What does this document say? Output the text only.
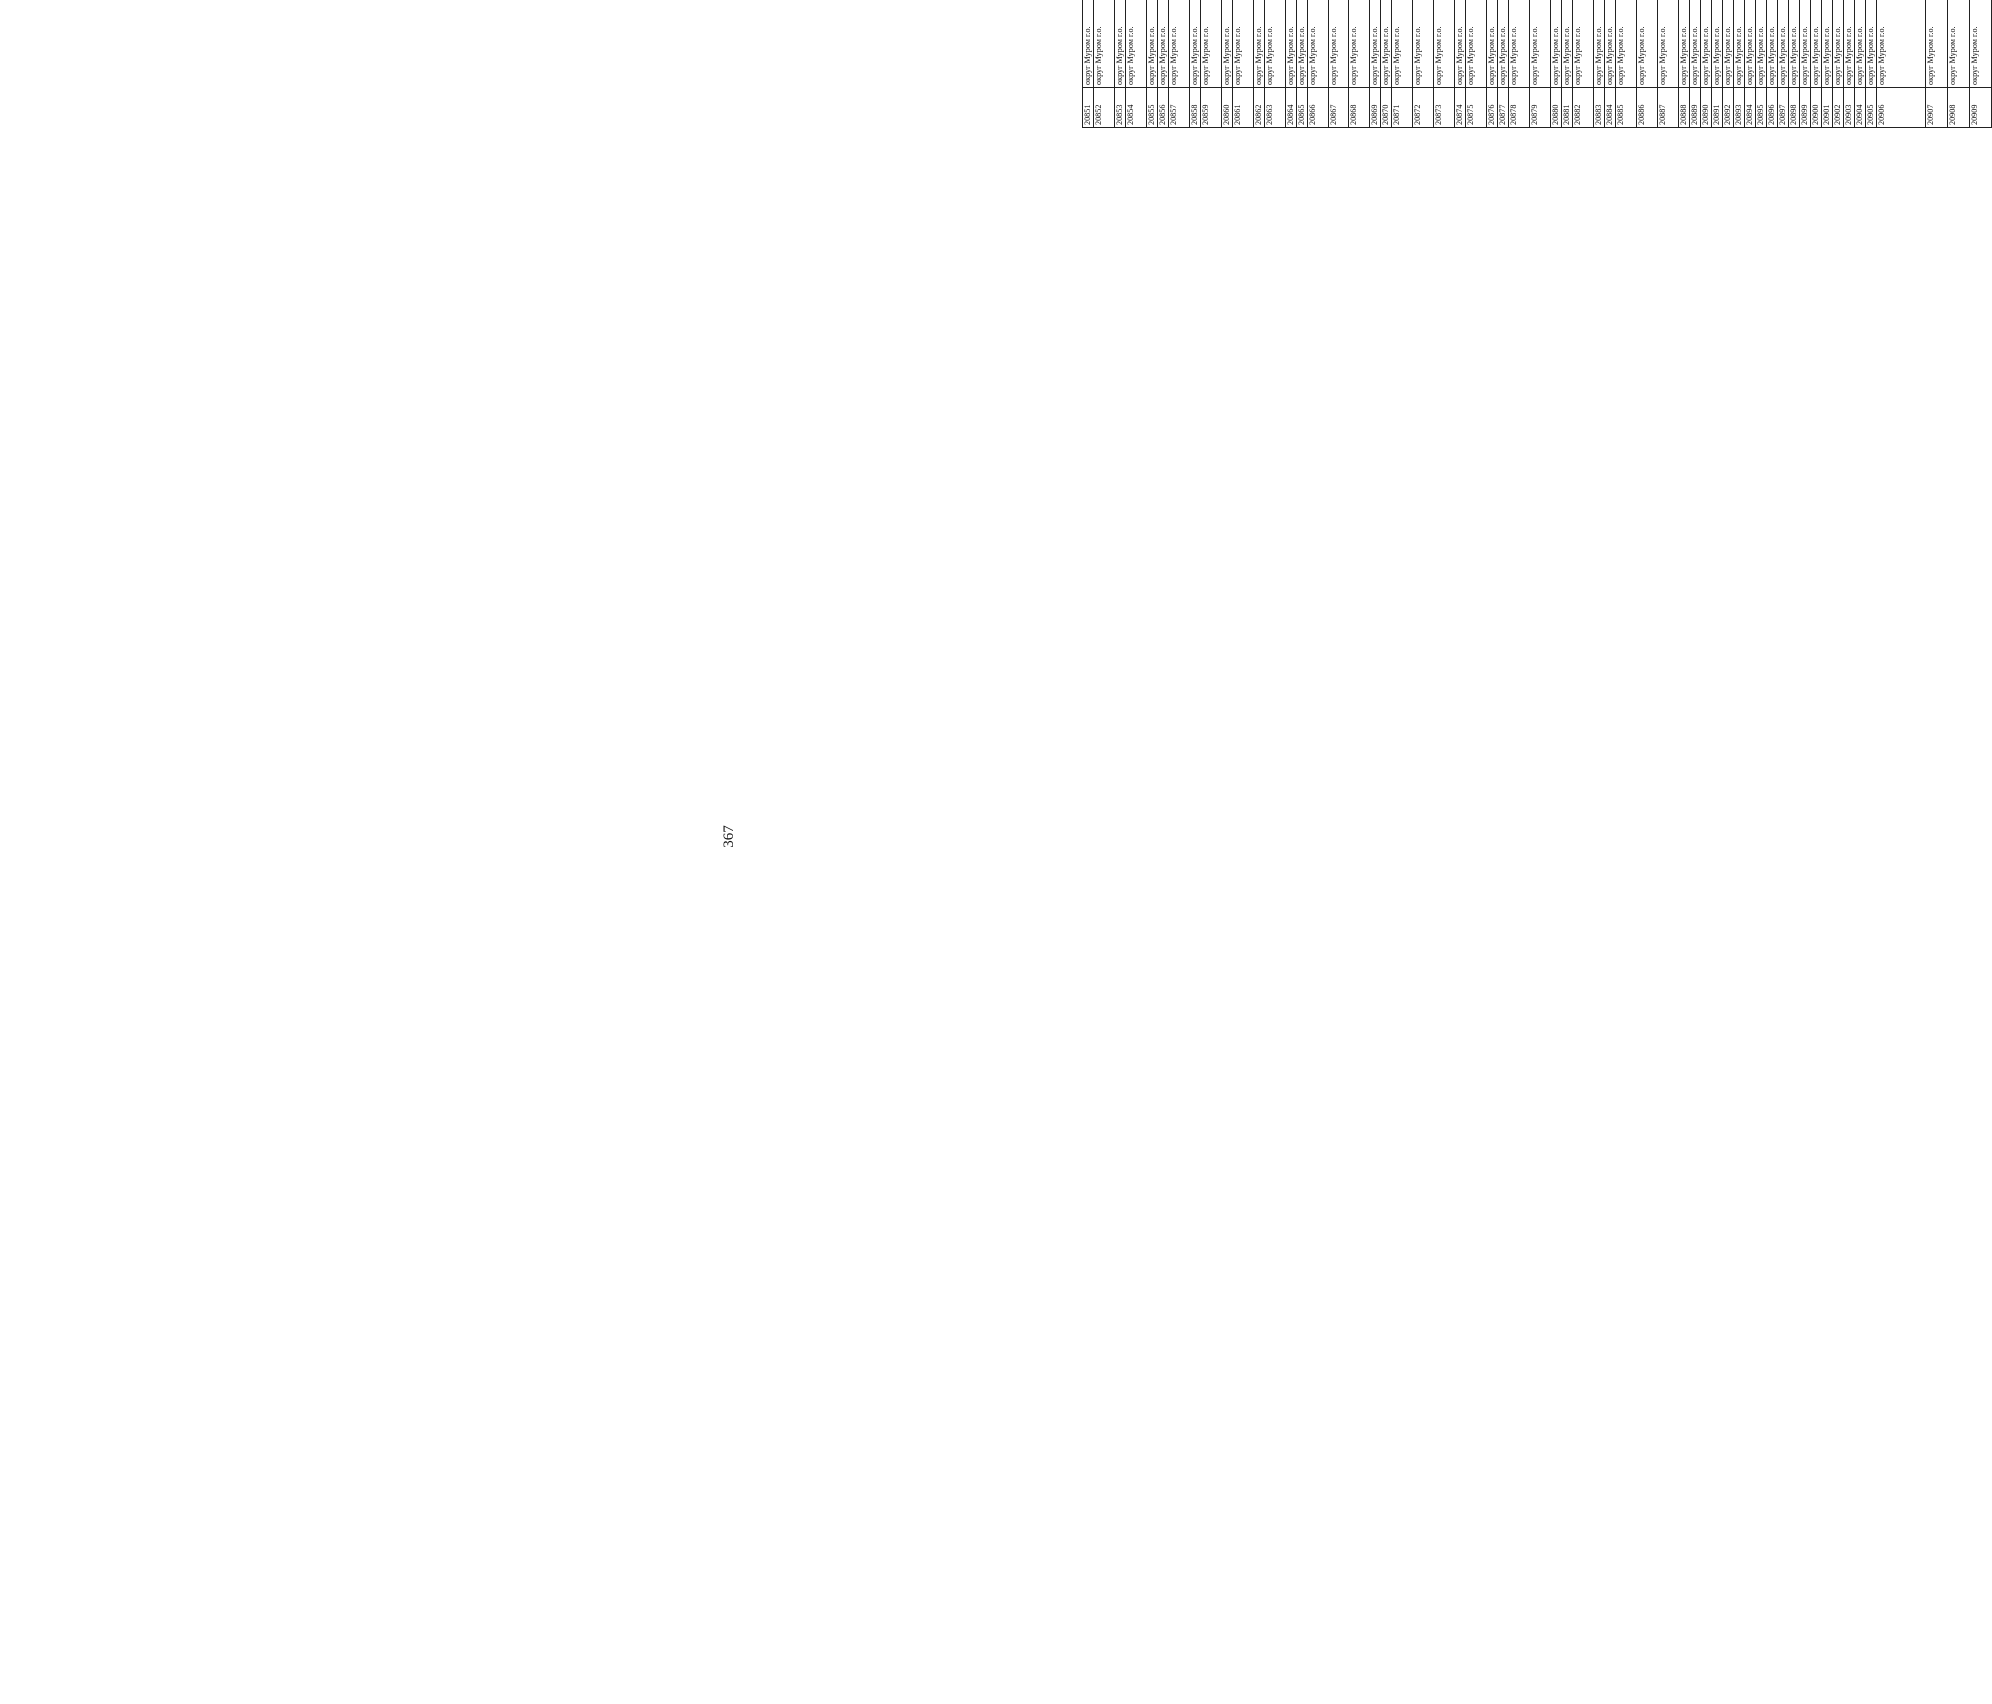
367
20851	округ Муром г.о.										
20852	округ Муром г.о.										
20853	округ Муром г.о.										
20854	округ Муром г.о.										
20855	округ Муром г.о.										
20856	округ Муром г.о.										
20857	округ Муром г.о.										
20858	округ Муром г.о.										
20859	округ Муром г.о.										
20860	округ Муром г.о.										
20861	округ Муром г.о.										
20862	округ Муром г.о.										
20863	округ Муром г.о.										
20864	округ Муром г.о.										
20865	округ Муром г.о.										
20866	округ Муром г.о.										
20867	округ Муром г.о.										
20868	округ Муром г.о.										
20869	округ Муром г.о.										
20870	округ Муром г.о.										
20871	округ Муром г.о.										
20872	округ Муром г.о.										
20873	округ Муром г.о.										
20874	округ Муром г.о.										
20875	округ Муром г.о.										
20876	округ Муром г.о.										
20877	округ Муром г.о.										
20878	округ Муром г.о.										
20879	округ Муром г.о.										
20880	округ Муром г.о.										
20881	округ Муром г.о.										
20882	округ Муром г.о.										
20883	округ Муром г.о.										
20884	округ Муром г.о.										
20885	округ Муром г.о.										
20886	округ Муром г.о.										
20887	округ Муром г.о.										
20888	округ Муром г.о.										
20889	округ Муром г.о.										
20890	округ Муром г.о.										
20891	округ Муром г.о.										
20892	округ Муром г.о.										
20893	округ Муром г.о.										
20894	округ Муром г.о.										
20895	округ Муром г.о.										
20896	округ Муром г.о.										
20897	округ Муром г.о.										
20898	округ Муром г.о.										
20899	округ Муром г.о.										
20900	округ Муром г.о.										
20901	округ Муром г.о.										
20902	округ Муром г.о.										
20903	округ Муром г.о.										
20904	округ Муром г.о.										
20905	округ Муром г.о.										
20906	округ Муром г.о.										
20907	округ Муром г.о.										
20908	округ Муром г.о.										
20909	округ Муром г.о.										
